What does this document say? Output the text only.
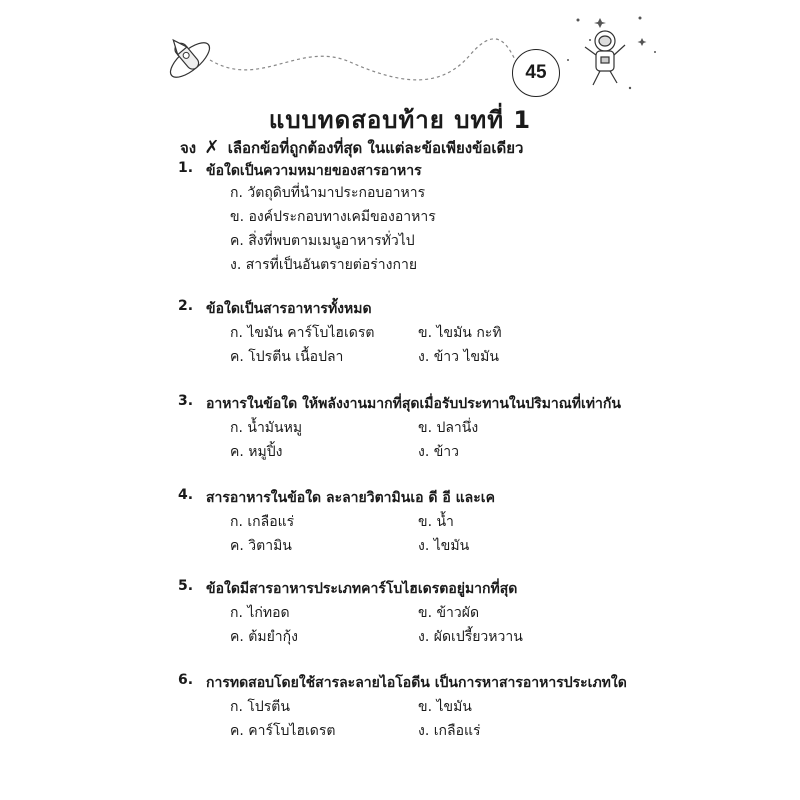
45
แบบทดสอบท้าย บทที่ 1
จง ✗ เลือกข้อที่ถูกต้องที่สุด ในแต่ละข้อเพียงข้อเดียว
1. ข้อใดเป็นความหมายของสารอาหาร
ก. วัตถุดิบที่นำมาประกอบอาหาร
ข. องค์ประกอบทางเคมีของอาหาร
ค. สิ่งที่พบตามเมนูอาหารทั่วไป
ง. สารที่เป็นอันตรายต่อร่างกาย
2. ข้อใดเป็นสารอาหารทั้งหมด
ก. ไขมัน คาร์โบไฮเดรต	ข. ไขมัน กะทิ
ค. โปรตีน เนื้อปลา	ง. ข้าว ไขมัน
3. อาหารในข้อใด ให้พลังงานมากที่สุดเมื่อรับประทานในปริมาณที่เท่ากัน
ก. น้ำมันหมู	ข. ปลานึ่ง
ค. หมูปิ้ง	ง. ข้าว
4. สารอาหารในข้อใด ละลายวิตามินเอ ดี อี และเค
ก. เกลือแร่	ข. น้ำ
ค. วิตามิน	ง. ไขมัน
5. ข้อใดมีสารอาหารประเภทคาร์โบไฮเดรตอยู่มากที่สุด
ก. ไก่ทอด	ข. ข้าวผัด
ค. ต้มยำกุ้ง	ง. ผัดเปรี้ยวหวาน
6. การทดสอบโดยใช้สารละลายไอโอดีน เป็นการหาสารอาหารประเภทใด
ก. โปรตีน	ข. ไขมัน
ค. คาร์โบไฮเดรต	ง. เกลือแร่
